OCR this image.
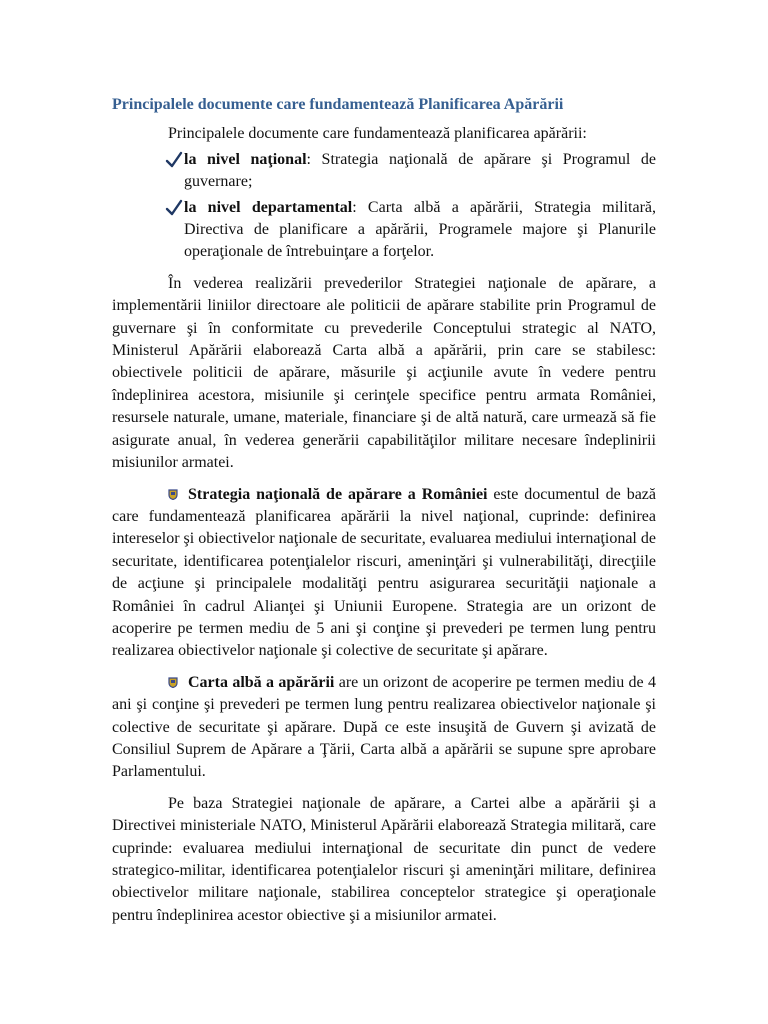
Principalele documente care fundamentează Planificarea Apărării

Principalele documente care fundamentează planificarea apărării:

la nivel naţional: Strategia naţională de apărare şi Programul de guvernare;

la nivel departamental: Carta albă a apărării, Strategia militară, Directiva de planificare a apărării, Programele majore şi Planurile operaţionale de întrebuinţare a forţelor.

În vederea realizării prevederilor Strategiei naţionale de apărare, a implementării liniilor directoare ale politicii de apărare stabilite prin Programul de guvernare şi în conformitate cu prevederile Conceptului strategic al NATO, Ministerul Apărării elaborează Carta albă a apărării, prin care se stabilesc: obiectivele politicii de apărare, măsurile şi acţiunile avute în vedere pentru îndeplinirea acestora, misiunile şi cerinţele specifice pentru armata României, resursele naturale, umane, materiale, financiare şi de altă natură, care urmează să fie asigurate anual, în vederea generării capabilităţilor militare necesare îndeplinirii misiunilor armatei.

Strategia naţională de apărare a României este documentul de bază care fundamentează planificarea apărării la nivel naţional, cuprinde: definirea intereselor şi obiectivelor naţionale de securitate, evaluarea mediului internaţional de securitate, identificarea potenţialelor riscuri, ameninţări şi vulnerabilităţi, direcţiile de acţiune şi principalele modalităţi pentru asigurarea securităţii naţionale a României în cadrul Alianţei şi Uniunii Europene. Strategia are un orizont de acoperire pe termen mediu de 5 ani şi conţine şi prevederi pe termen lung pentru realizarea obiectivelor naţionale şi colective de securitate şi apărare.

Carta albă a apărării are un orizont de acoperire pe termen mediu de 4 ani şi conţine şi prevederi pe termen lung pentru realizarea obiectivelor naţionale şi colective de securitate şi apărare. După ce este insuşită de Guvern şi avizată de Consiliul Suprem de Apărare a Ţării, Carta albă a apărării se supune spre aprobare Parlamentului.

Pe baza Strategiei naţionale de apărare, a Cartei albe a apărării şi a Directivei ministeriale NATO, Ministerul Apărării elaborează Strategia militară, care cuprinde: evaluarea mediului internaţional de securitate din punct de vedere strategico-militar, identificarea potenţialelor riscuri şi ameninţări militare, definirea obiectivelor militare naţionale, stabilirea conceptelor strategice şi operaţionale pentru îndeplinirea acestor obiective şi a misiunilor armatei.
